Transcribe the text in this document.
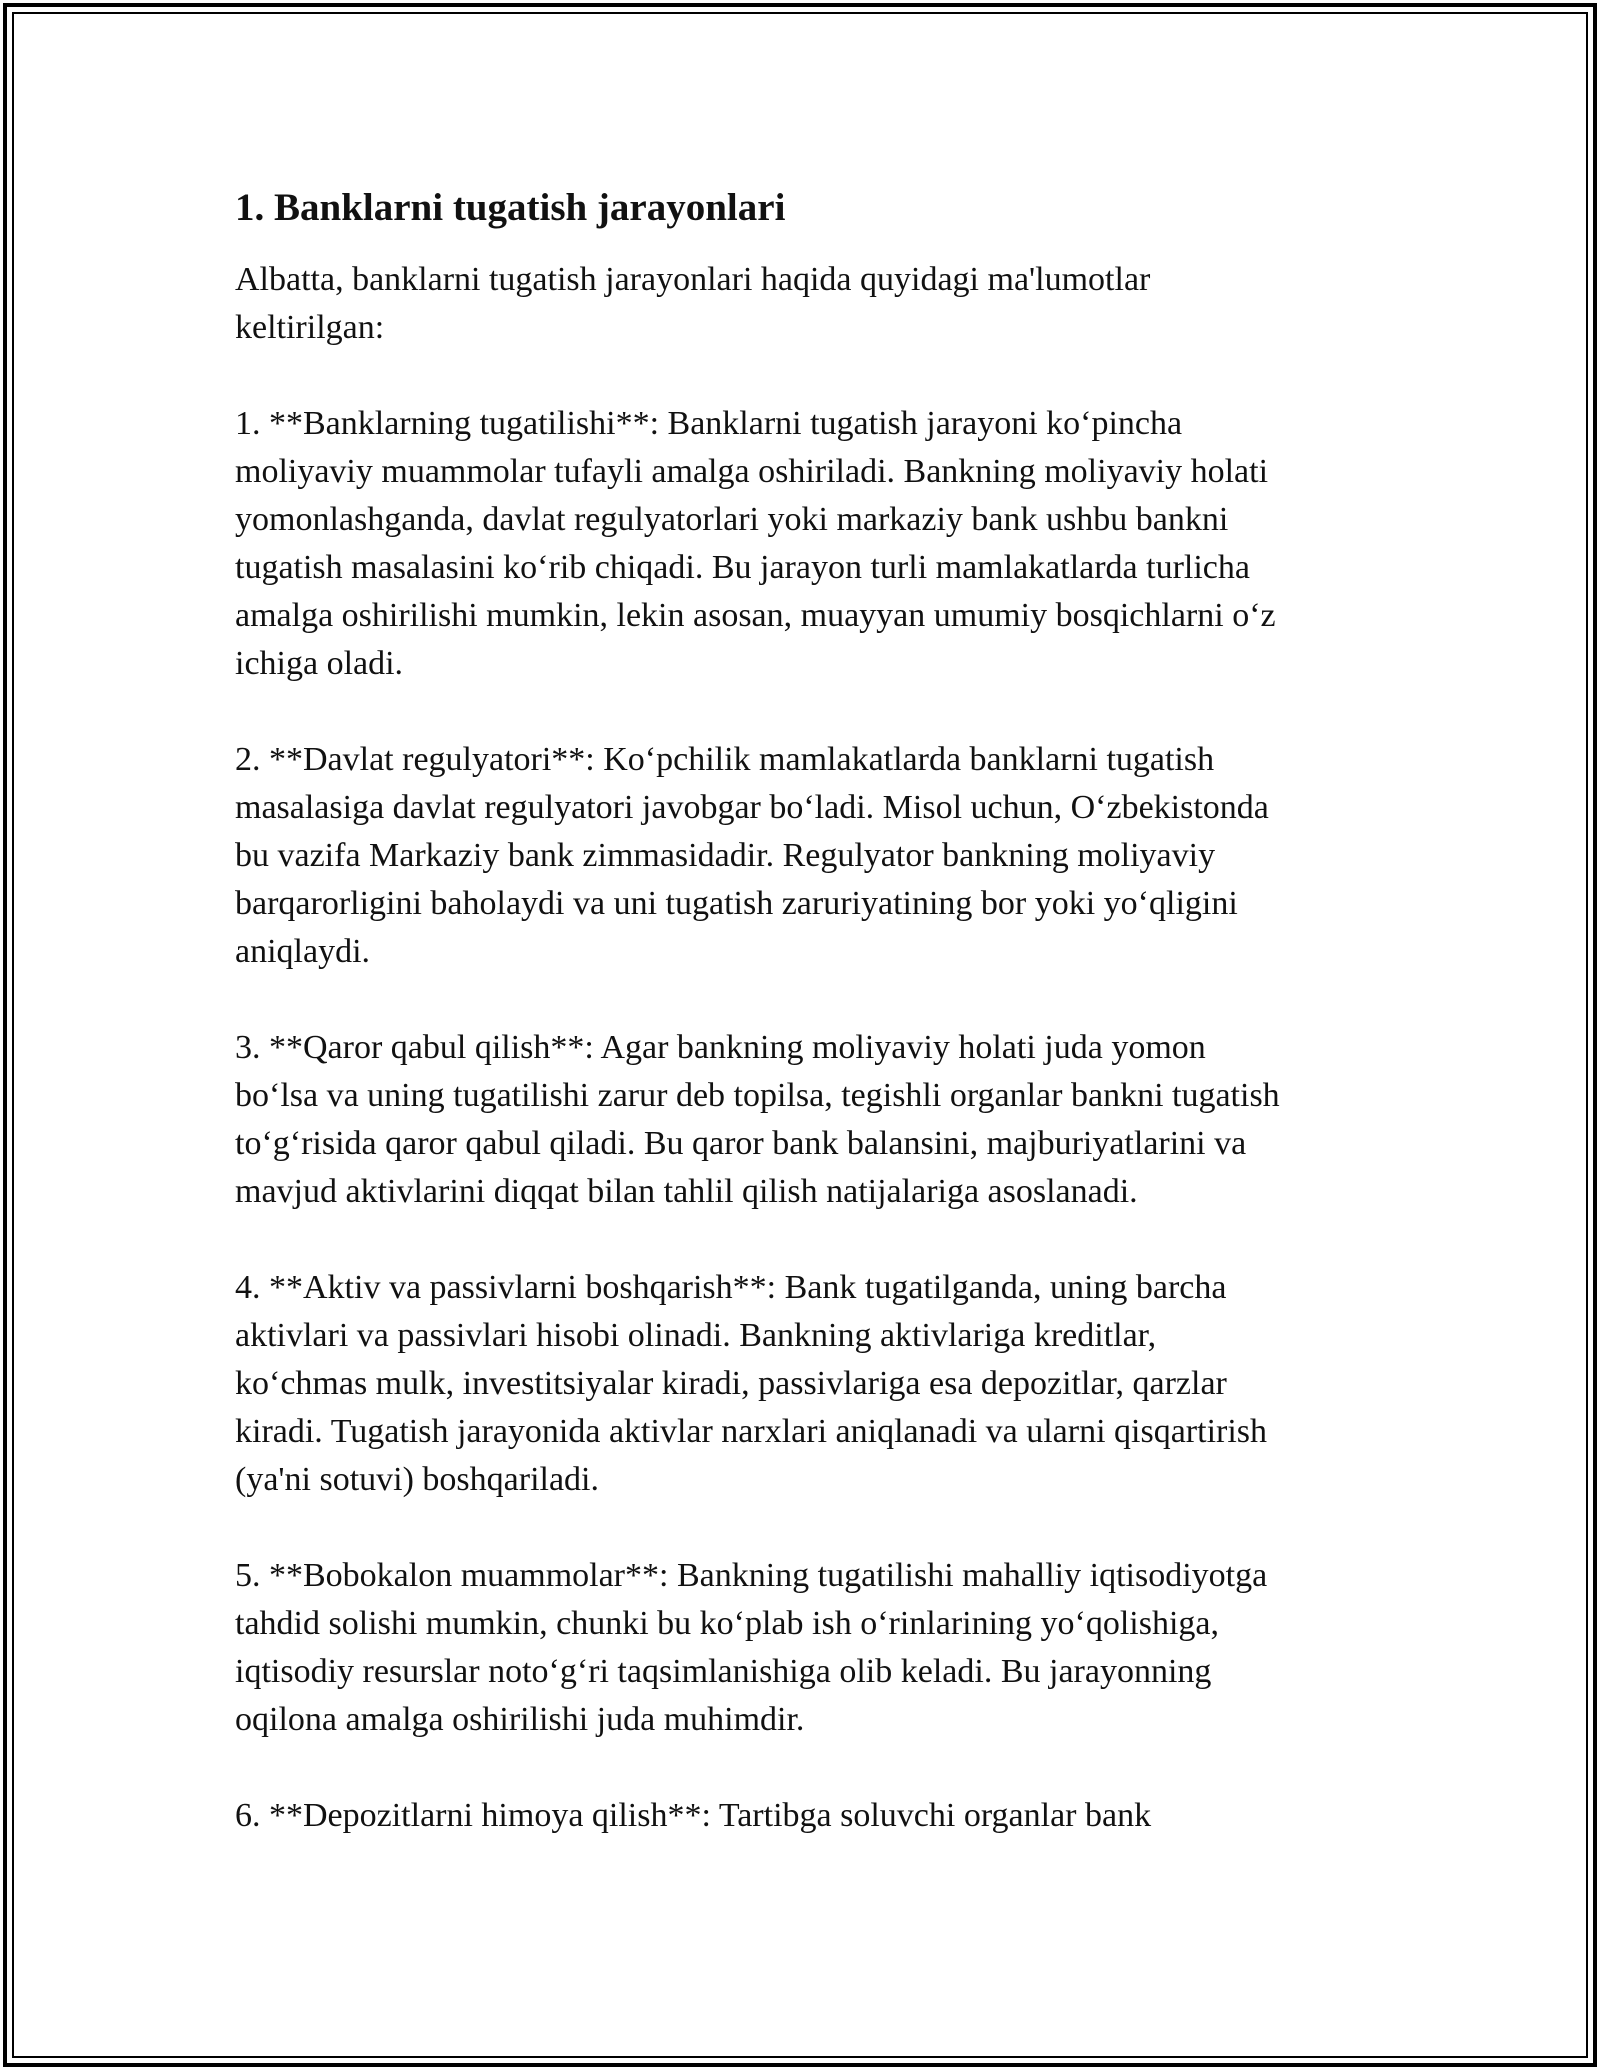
1. Banklarni tugatish jarayonlari

Albatta, banklarni tugatish jarayonlari haqida quyidagi ma'lumotlar
keltirilgan:

1. **Banklarning tugatilishi**: Banklarni tugatish jarayoni ko‘pincha
moliyaviy muammolar tufayli amalga oshiriladi. Bankning moliyaviy holati
yomonlashganda, davlat regulyatorlari yoki markaziy bank ushbu bankni
tugatish masalasini ko‘rib chiqadi. Bu jarayon turli mamlakatlarda turlicha
amalga oshirilishi mumkin, lekin asosan, muayyan umumiy bosqichlarni o‘z
ichiga oladi.

2. **Davlat regulyatori**: Ko‘pchilik mamlakatlarda banklarni tugatish
masalasiga davlat regulyatori javobgar bo‘ladi. Misol uchun, O‘zbekistonda
bu vazifa Markaziy bank zimmasidadir. Regulyator bankning moliyaviy
barqarorligini baholaydi va uni tugatish zaruriyatining bor yoki yo‘qligini
aniqlaydi.

3. **Qaror qabul qilish**: Agar bankning moliyaviy holati juda yomon
bo‘lsa va uning tugatilishi zarur deb topilsa, tegishli organlar bankni tugatish
to‘g‘risida qaror qabul qiladi. Bu qaror bank balansini, majburiyatlarini va
mavjud aktivlarini diqqat bilan tahlil qilish natijalariga asoslanadi.

4. **Aktiv va passivlarni boshqarish**: Bank tugatilganda, uning barcha
aktivlari va passivlari hisobi olinadi. Bankning aktivlariga kreditlar,
ko‘chmas mulk, investitsiyalar kiradi, passivlariga esa depozitlar, qarzlar
kiradi. Tugatish jarayonida aktivlar narxlari aniqlanadi va ularni qisqartirish
(ya'ni sotuvi) boshqariladi.

5. **Bobokalon muammolar**: Bankning tugatilishi mahalliy iqtisodiyotga
tahdid solishi mumkin, chunki bu ko‘plab ish o‘rinlarining yo‘qolishiga,
iqtisodiy resurslar noto‘g‘ri taqsimlanishiga olib keladi. Bu jarayonning
oqilona amalga oshirilishi juda muhimdir.

6. **Depozitlarni himoya qilish**: Tartibga soluvchi organlar bank
